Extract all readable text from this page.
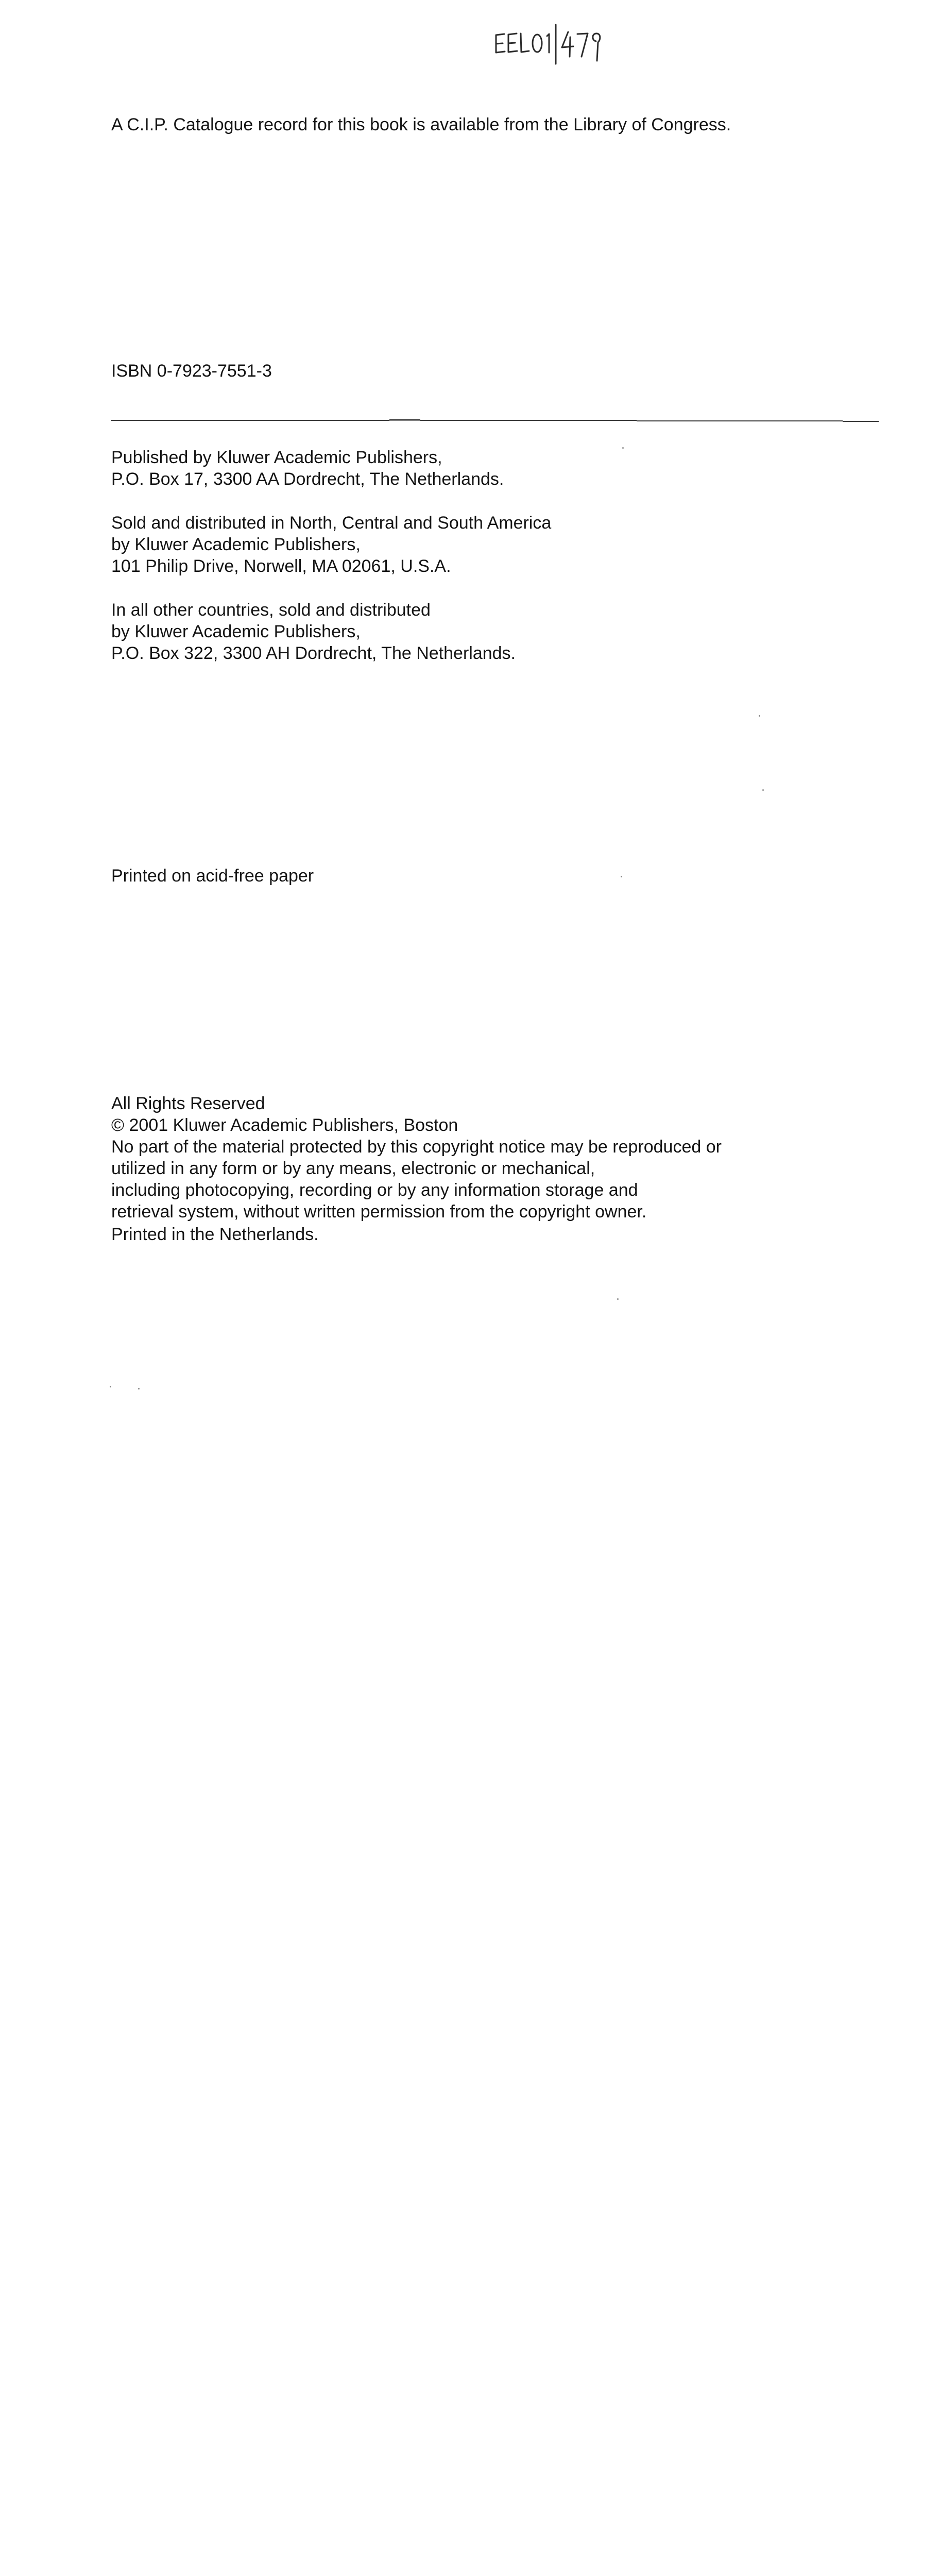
A C.I.P. Catalogue record for this book is available from the Library of Congress.
ISBN 0-7923-7551-3
Published by Kluwer Academic Publishers,
P.O. Box 17, 3300 AA Dordrecht, The Netherlands.
Sold and distributed in North, Central and South America
by Kluwer Academic Publishers,
101 Philip Drive, Norwell, MA 02061, U.S.A.
In all other countries, sold and distributed
by Kluwer Academic Publishers,
P.O. Box 322, 3300 AH Dordrecht, The Netherlands.
Printed on acid-free paper
All Rights Reserved
© 2001 Kluwer Academic Publishers, Boston
No part of the material protected by this copyright notice may be reproduced or
utilized in any form or by any means, electronic or mechanical,
including photocopying, recording or by any information storage and
retrieval system, without written permission from the copyright owner.
Printed in the Netherlands.
